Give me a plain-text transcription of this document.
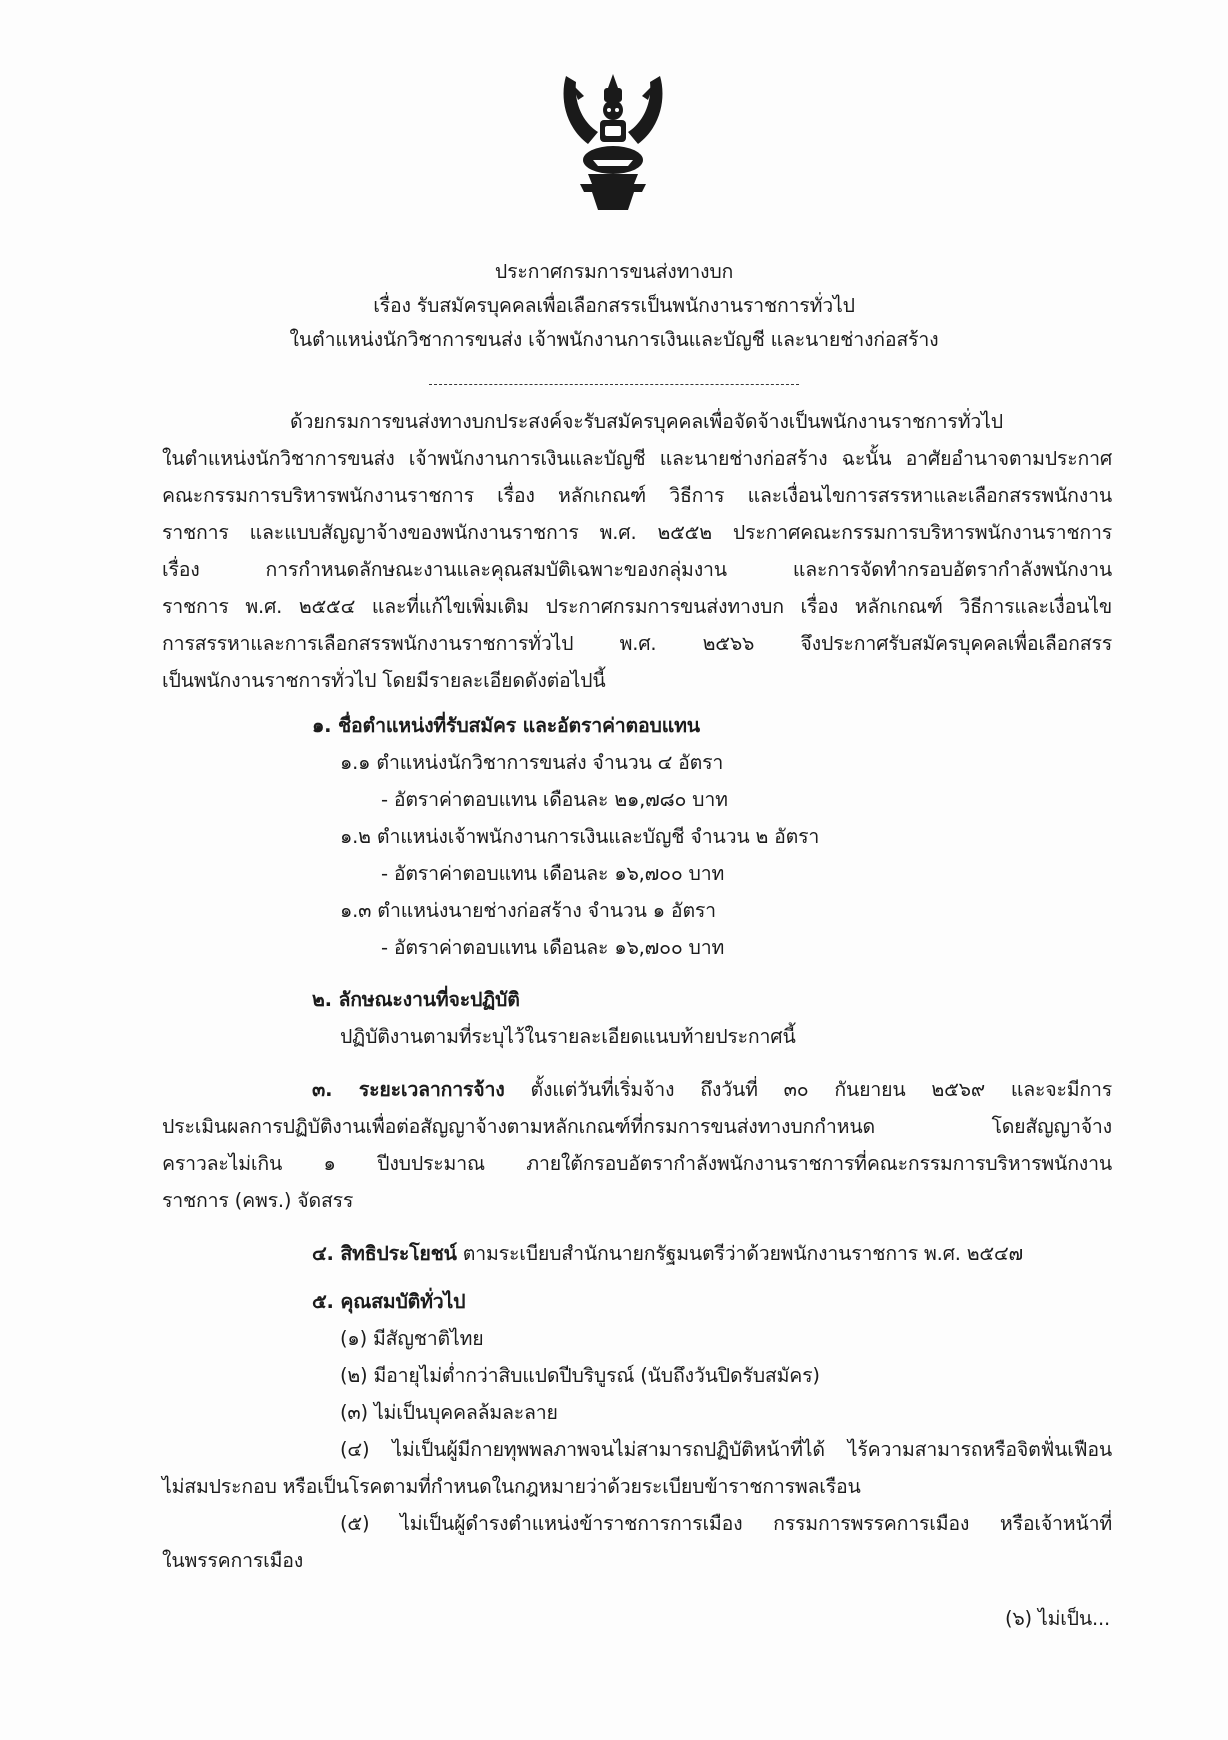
ประกาศกรมการขนส่งทางบก
เรื่อง รับสมัครบุคคลเพื่อเลือกสรรเป็นพนักงานราชการทั่วไป
ในตำแหน่งนักวิชาการขนส่ง เจ้าพนักงานการเงินและบัญชี และนายช่างก่อสร้าง
ด้วยกรมการขนส่งทางบกประสงค์จะรับสมัครบุคคลเพื่อจัดจ้างเป็นพนักงานราชการทั่วไป
ในตำแหน่งนักวิชาการขนส่ง เจ้าพนักงานการเงินและบัญชี และนายช่างก่อสร้าง ฉะนั้น อาศัยอำนาจตามประกาศ
คณะกรรมการบริหารพนักงานราชการ เรื่อง หลักเกณฑ์ วิธีการ และเงื่อนไขการสรรหาและเลือกสรรพนักงาน
ราชการ และแบบสัญญาจ้างของพนักงานราชการ พ.ศ. ๒๕๕๒ ประกาศคณะกรรมการบริหารพนักงานราชการ
เรื่อง การกำหนดลักษณะงานและคุณสมบัติเฉพาะของกลุ่มงาน และการจัดทำกรอบอัตรากำลังพนักงาน
ราชการ พ.ศ. ๒๕๕๔ และที่แก้ไขเพิ่มเติม ประกาศกรมการขนส่งทางบก เรื่อง หลักเกณฑ์ วิธีการและเงื่อนไข
การสรรหาและการเลือกสรรพนักงานราชการทั่วไป พ.ศ. ๒๕๖๖ จึงประกาศรับสมัครบุคคลเพื่อเลือกสรร
เป็นพนักงานราชการทั่วไป โดยมีรายละเอียดดังต่อไปนี้
๑. ชื่อตำแหน่งที่รับสมัคร และอัตราค่าตอบแทน
๑.๑ ตำแหน่งนักวิชาการขนส่ง จำนวน ๔ อัตรา
- อัตราค่าตอบแทน เดือนละ ๒๑,๗๘๐ บาท
๑.๒ ตำแหน่งเจ้าพนักงานการเงินและบัญชี จำนวน ๒ อัตรา
- อัตราค่าตอบแทน เดือนละ ๑๖,๗๐๐ บาท
๑.๓ ตำแหน่งนายช่างก่อสร้าง จำนวน ๑ อัตรา
- อัตราค่าตอบแทน เดือนละ ๑๖,๗๐๐ บาท
๒. ลักษณะงานที่จะปฏิบัติ
ปฏิบัติงานตามที่ระบุไว้ในรายละเอียดแนบท้ายประกาศนี้
๓. ระยะเวลาการจ้าง ตั้งแต่วันที่เริ่มจ้าง ถึงวันที่ ๓๐ กันยายน ๒๕๖๙ และจะมีการ
ประเมินผลการปฏิบัติงานเพื่อต่อสัญญาจ้างตามหลักเกณฑ์ที่กรมการขนส่งทางบกกำหนด โดยสัญญาจ้าง
คราวละไม่เกิน ๑ ปีงบประมาณ ภายใต้กรอบอัตรากำลังพนักงานราชการที่คณะกรรมการบริหารพนักงาน
ราชการ (คพร.) จัดสรร
๔. สิทธิประโยชน์ ตามระเบียบสำนักนายกรัฐมนตรีว่าด้วยพนักงานราชการ พ.ศ. ๒๕๔๗
๕. คุณสมบัติทั่วไป
(๑) มีสัญชาติไทย
(๒) มีอายุไม่ต่ำกว่าสิบแปดปีบริบูรณ์ (นับถึงวันปิดรับสมัคร)
(๓) ไม่เป็นบุคคลล้มละลาย
(๔) ไม่เป็นผู้มีกายทุพพลภาพจนไม่สามารถปฏิบัติหน้าที่ได้ ไร้ความสามารถหรือจิตฟั่นเฟือน
ไม่สมประกอบ หรือเป็นโรคตามที่กำหนดในกฎหมายว่าด้วยระเบียบข้าราชการพลเรือน
(๕) ไม่เป็นผู้ดำรงตำแหน่งข้าราชการการเมือง กรรมการพรรคการเมือง หรือเจ้าหน้าที่
ในพรรคการเมือง
(๖) ไม่เป็น...
